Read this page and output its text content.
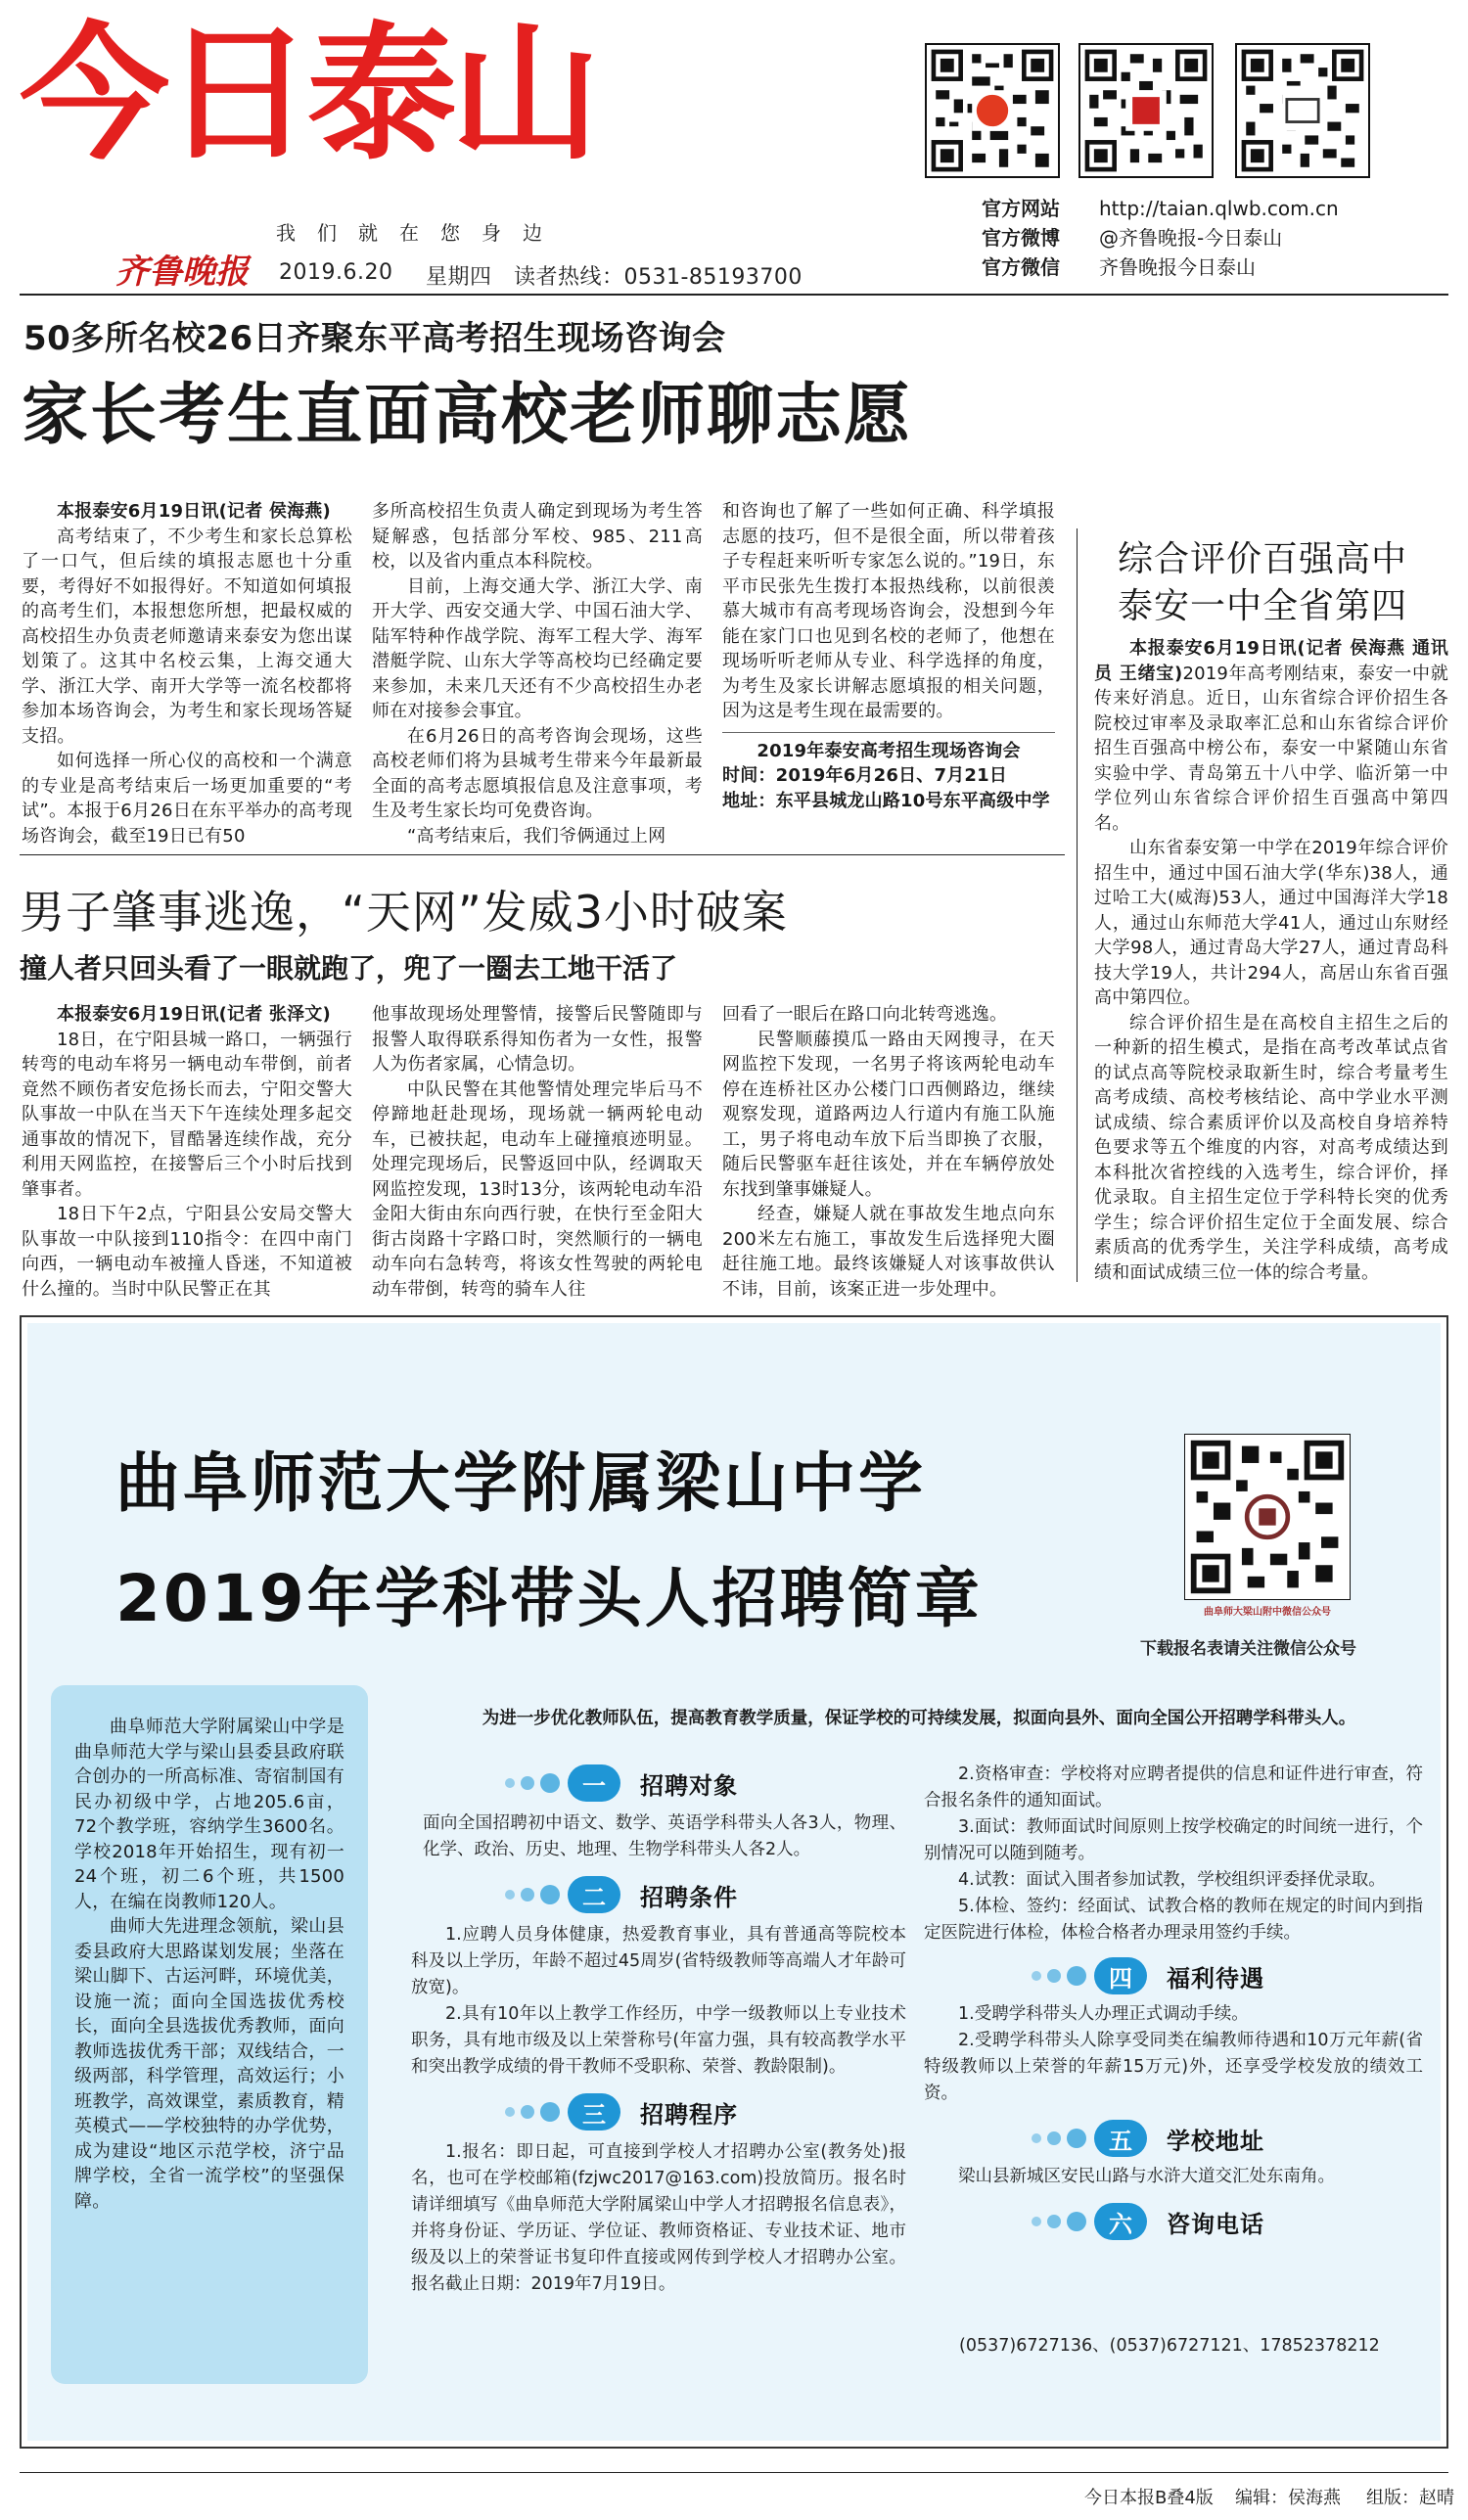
今日泰山
我们就在您身边
齐鲁晚报 2019.6.20 星期四 读者热线：0531-85193700
官方网站 http://taian.qlwb.com.cn
官方微博 @齐鲁晚报-今日泰山
官方微信 齐鲁晚报今日泰山
50多所名校26日齐聚东平高考招生现场咨询会
家长考生直面高校老师聊志愿

本报泰安6月19日讯(记者 侯海燕)

高考结束了，不少考生和家长总算松了一口气，但后续的填报志愿也十分重要，考得好不如报得好。不知道如何填报的高考生们，本报想您所想，把最权威的高校招生办负责老师邀请来泰安为您出谋划策了。这其中名校云集，上海交通大学、浙江大学、南开大学等一流名校都将参加本场咨询会，为考生和家长现场答疑支招。

如何选择一所心仪的高校和一个满意的专业是高考结束后一场更加重要的“考试”。本报于6月26日在东平举办的高考现场咨询会，截至19日已有50

多所高校招生负责人确定到现场为考生答疑解惑，包括部分军校、985、211高校，以及省内重点本科院校。

目前，上海交通大学、浙江大学、南开大学、西安交通大学、中国石油大学、陆军特种作战学院、海军工程大学、海军潜艇学院、山东大学等高校均已经确定要来参加，未来几天还有不少高校招生办老师在对接参会事宜。

在6月26日的高考咨询会现场，这些高校老师们将为县城考生带来今年最新最全面的高考志愿填报信息及注意事项，考生及考生家长均可免费咨询。

“高考结束后，我们爷俩通过上网

和咨询也了解了一些如何正确、科学填报志愿的技巧，但不是很全面，所以带着孩子专程赶来听听专家怎么说的。”19日，东平市民张先生拨打本报热线称，以前很羡慕大城市有高考现场咨询会，没想到今年能在家门口也见到名校的老师了，他想在现场听听老师从专业、科学选择的角度，为考生及家长讲解志愿填报的相关问题，因为这是考生现在最需要的。

2019年泰安高考招生现场咨询会

时间：2019年6月26日、7月21日

地址：东平县城龙山路10号东平高级中学

综合评价百强高中
泰安一中全省第四

本报泰安6月19日讯(记者 侯海燕 通讯员 王绪宝)2019年高考刚结束，泰安一中就传来好消息。近日，山东省综合评价招生各院校过审率及录取率汇总和山东省综合评价招生百强高中榜公布，泰安一中紧随山东省实验中学、青岛第五十八中学、临沂第一中学位列山东省综合评价招生百强高中第四名。

山东省泰安第一中学在2019年综合评价招生中，通过中国石油大学(华东)38人，通过哈工大(威海)53人，通过中国海洋大学18人，通过山东师范大学41人，通过山东财经大学98人，通过青岛大学27人，通过青岛科技大学19人，共计294人，高居山东省百强高中第四位。

综合评价招生是在高校自主招生之后的一种新的招生模式，是指在高考改革试点省的试点高等院校录取新生时，综合考量考生高考成绩、高校考核结论、高中学业水平测试成绩、综合素质评价以及高校自身培养特色要求等五个维度的内容，对高考成绩达到本科批次省控线的入选考生，综合评价，择优录取。自主招生定位于学科特长突的优秀学生；综合评价招生定位于全面发展、综合素质高的优秀学生，关注学科成绩，高考成绩和面试成绩三位一体的综合考量。

男子肇事逃逸，“天网”发威3小时破案
撞人者只回头看了一眼就跑了，兜了一圈去工地干活了

本报泰安6月19日讯(记者 张泽文)

18日，在宁阳县城一路口，一辆强行转弯的电动车将另一辆电动车带倒，前者竟然不顾伤者安危扬长而去，宁阳交警大队事故一中队在当天下午连续处理多起交通事故的情况下，冒酷暑连续作战，充分利用天网监控，在接警后三个小时后找到肇事者。

18日下午2点，宁阳县公安局交警大队事故一中队接到110指令：在四中南门向西，一辆电动车被撞人昏迷，不知道被什么撞的。当时中队民警正在其

他事故现场处理警情，接警后民警随即与报警人取得联系得知伤者为一女性，报警人为伤者家属，心情急切。

中队民警在其他警情处理完毕后马不停蹄地赶赴现场，现场就一辆两轮电动车，已被扶起，电动车上碰撞痕迹明显。处理完现场后，民警返回中队，经调取天网监控发现，13时13分，该两轮电动车沿金阳大街由东向西行驶，在快行至金阳大街古岗路十字路口时，突然顺行的一辆电动车向右急转弯，将该女性驾驶的两轮电动车带倒，转弯的骑车人往

回看了一眼后在路口向北转弯逃逸。

民警顺藤摸瓜一路由天网搜寻，在天网监控下发现，一名男子将该两轮电动车停在连桥社区办公楼门口西侧路边，继续观察发现，道路两边人行道内有施工队施工，男子将电动车放下后当即换了衣服，随后民警驱车赶往该处，并在车辆停放处东找到肇事嫌疑人。

经查，嫌疑人就在事故发生地点向东200米左右施工，事故发生后选择兜大圈赶往施工地。最终该嫌疑人对该事故供认不讳，目前，该案正进一步处理中。

曲阜师范大学附属梁山中学
2019年学科带头人招聘简章	曲阜师大梁山附中微信公众号
下载报名表请关注微信公众号

曲阜师范大学附属梁山中学是曲阜师范大学与梁山县委县政府联合创办的一所高标准、寄宿制国有民办初级中学，占地205.6亩，72个教学班，容纳学生3600名。学校2018年开始招生，现有初一24个班，初二6个班，共1500人，在编在岗教师120人。

曲师大先进理念领航，梁山县委县政府大思路谋划发展；坐落在梁山脚下、古运河畔，环境优美，设施一流；面向全国选拔优秀校长，面向全县选拔优秀教师，面向教师选拔优秀干部；双线结合，一级两部，科学管理，高效运行；小班教学，高效课堂，素质教育，精英模式——学校独特的办学优势，成为建设“地区示范学校，济宁品牌学校，全省一流学校”的坚强保障。

为进一步优化教师队伍，提高教育教学质量，保证学校的可持续发展，拟面向县外、面向全国公开招聘学科带头人。
一	招聘对象
面向全国招聘初中语文、数学、英语学科带头人各3人，物理、化学、政治、历史、地理、生物学科带头人各2人。
二	招聘条件
1.应聘人员身体健康，热爱教育事业，具有普通高等院校本科及以上学历，年龄不超过45周岁(省特级教师等高端人才年龄可放宽)。
2.具有10年以上教学工作经历，中学一级教师以上专业技术职务，具有地市级及以上荣誉称号(年富力强，具有较高教学水平和突出教学成绩的骨干教师不受职称、荣誉、教龄限制)。
三	招聘程序
1.报名：即日起，可直接到学校人才招聘办公室(教务处)报名，也可在学校邮箱(fzjwc2017@163.com)投放简历。报名时请详细填写《曲阜师范大学附属梁山中学人才招聘报名信息表》，并将身份证、学历证、学位证、教师资格证、专业技术证、地市级及以上的荣誉证书复印件直接或网传到学校人才招聘办公室。报名截止日期：2019年7月19日。
2.资格审查：学校将对应聘者提供的信息和证件进行审查，符合报名条件的通知面试。
3.面试：教师面试时间原则上按学校确定的时间统一进行，个别情况可以随到随考。
4.试教：面试入围者参加试教，学校组织评委择优录取。
5.体检、签约：经面试、试教合格的教师在规定的时间内到指定医院进行体检，体检合格者办理录用签约手续。
四	福利待遇
1.受聘学科带头人办理正式调动手续。
2.受聘学科带头人除享受同类在编教师待遇和10万元年薪(省特级教师以上荣誉的年薪15万元)外，还享受学校发放的绩效工资。
五	学校地址
梁山县新城区安民山路与水浒大道交汇处东南角。
六	咨询电话
(0537)6727136、(0537)6727121、17852378212
今日本报B叠4版 编辑：侯海燕 组版：赵晴
